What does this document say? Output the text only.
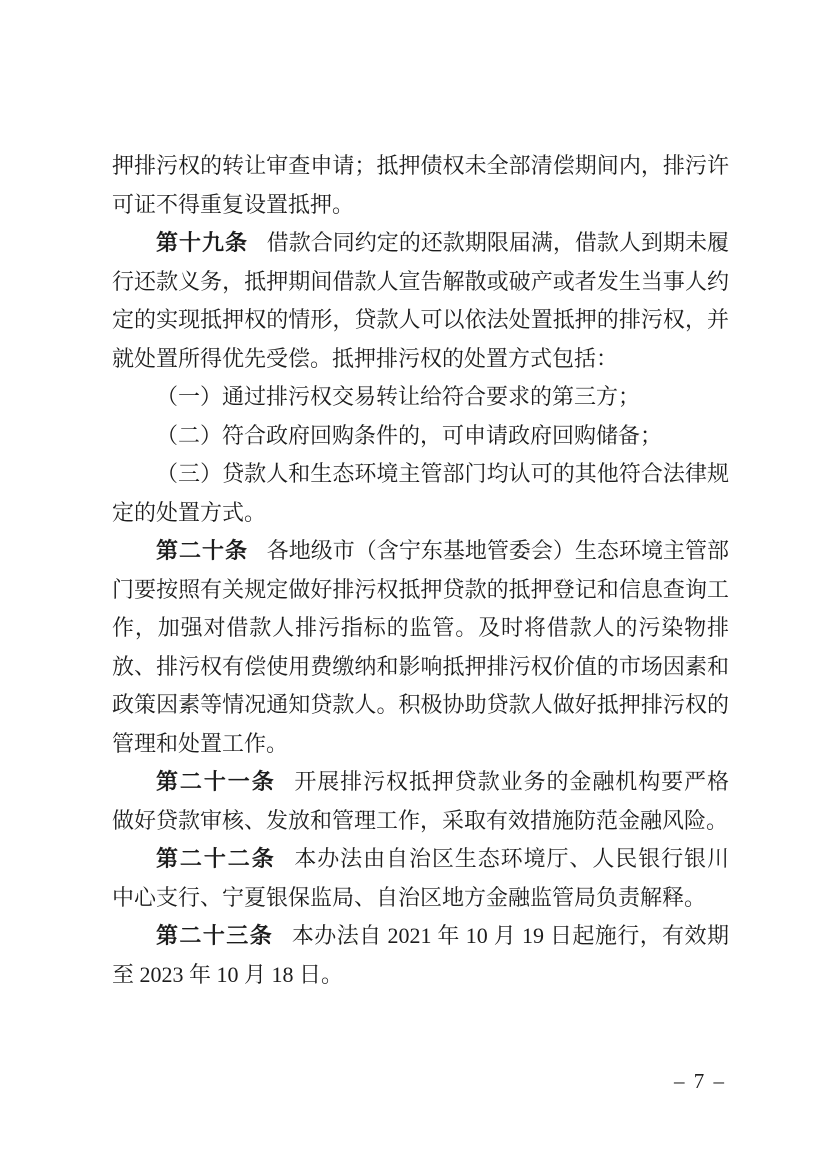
押排污权的转让审查申请；抵押债权未全部清偿期间内，排污许可证不得重复设置抵押。

第十九条 借款合同约定的还款期限届满，借款人到期未履行还款义务，抵押期间借款人宣告解散或破产或者发生当事人约定的实现抵押权的情形，贷款人可以依法处置抵押的排污权，并就处置所得优先受偿。抵押排污权的处置方式包括：

（一）通过排污权交易转让给符合要求的第三方；

（二）符合政府回购条件的，可申请政府回购储备；

（三）贷款人和生态环境主管部门均认可的其他符合法律规定的处置方式。

第二十条 各地级市（含宁东基地管委会）生态环境主管部门要按照有关规定做好排污权抵押贷款的抵押登记和信息查询工作，加强对借款人排污指标的监管。及时将借款人的污染物排放、排污权有偿使用费缴纳和影响抵押排污权价值的市场因素和政策因素等情况通知贷款人。积极协助贷款人做好抵押排污权的管理和处置工作。

第二十一条 开展排污权抵押贷款业务的金融机构要严格做好贷款审核、发放和管理工作，采取有效措施防范金融风险。

第二十二条 本办法由自治区生态环境厅、人民银行银川中心支行、宁夏银保监局、自治区地方金融监管局负责解释。

第二十三条 本办法自 2021 年 10 月 19 日起施行，有效期至 2023 年 10 月 18 日。

– 7 –
